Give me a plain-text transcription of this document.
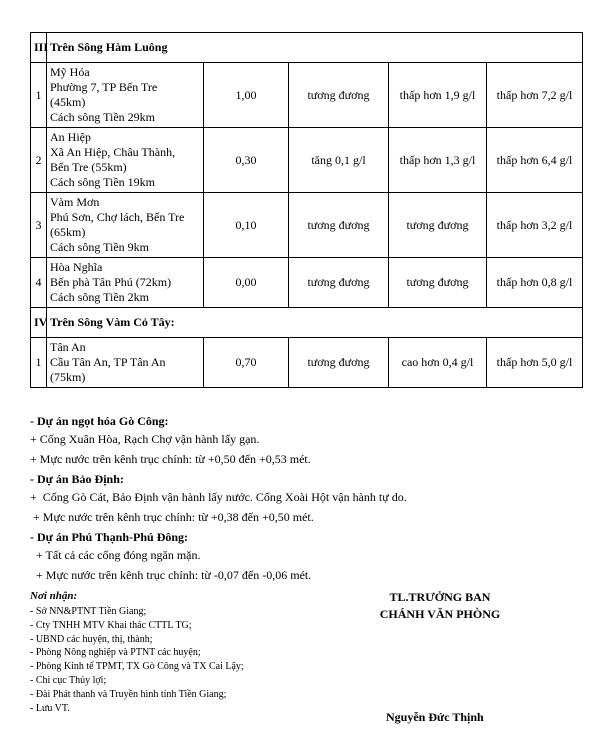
III	Trên Sông Hàm Luông				
1	Mỹ Hóa
Phường 7, TP Bến Tre
(45km)
Cách sông Tiền 29km	1,00	tương đương	thấp hơn 1,9 g/l	thấp hơn 7,2 g/l
2	An Hiệp
Xã An Hiệp, Châu Thành,
Bến Tre (55km)
Cách sông Tiền 19km	0,30	tăng 0,1 g/l	thấp hơn 1,3 g/l	thấp hơn 6,4 g/l
3	Vàm Mơn
Phú Sơn, Chợ lách, Bến Tre
(65km)
Cách sông Tiền 9km	0,10	tương đương	tương đương	thấp hơn 3,2 g/l
4	Hòa Nghĩa
Bến phà Tân Phú (72km)
Cách sông Tiền 2km	0,00	tương đương	tương đương	thấp hơn 0,8 g/l
IV	Trên Sông Vàm Cỏ Tây:				
1	Tân An
Cầu Tân An, TP Tân An
(75km)	0,70	tương đương	cao hơn 0,4 g/l	thấp hơn 5,0 g/l
- Dự án ngọt hóa Gò Công:
+ Cống Xuân Hòa, Rạch Chợ vận hành lấy gạn.
+ Mực nước trên kênh trục chính: từ +0,50 đến +0,53 mét.
- Dự án Bảo Định:
+  Cống Gò Cát, Bảo Định vận hành lấy nước. Cống Xoài Hột vận hành tự do.
+ Mực nước trên kênh trục chính: từ +0,38 đến +0,50 mét.
- Dự án Phú Thạnh-Phú Đông:
+ Tất cả các cống đóng ngăn mặn.
+ Mực nước trên kênh trục chính: từ -0,07 đến -0,06 mét.
Nơi nhận:
- Sở NN&PTNT Tiền Giang;
- Cty TNHH MTV Khai thác CTTL TG;
- UBND các huyện, thị, thành;
- Phòng Nông nghiệp và PTNT các huyện;
- Phòng Kinh tế TPMT, TX Gò Công và TX Cai Lậy;
- Chi cục Thủy lợi;
- Đài Phát thanh và Truyền hình tỉnh Tiền Giang;
- Lưu VT.
TL.TRƯỞNG BAN
CHÁNH VĂN PHÒNG
Nguyễn Đức Thịnh
